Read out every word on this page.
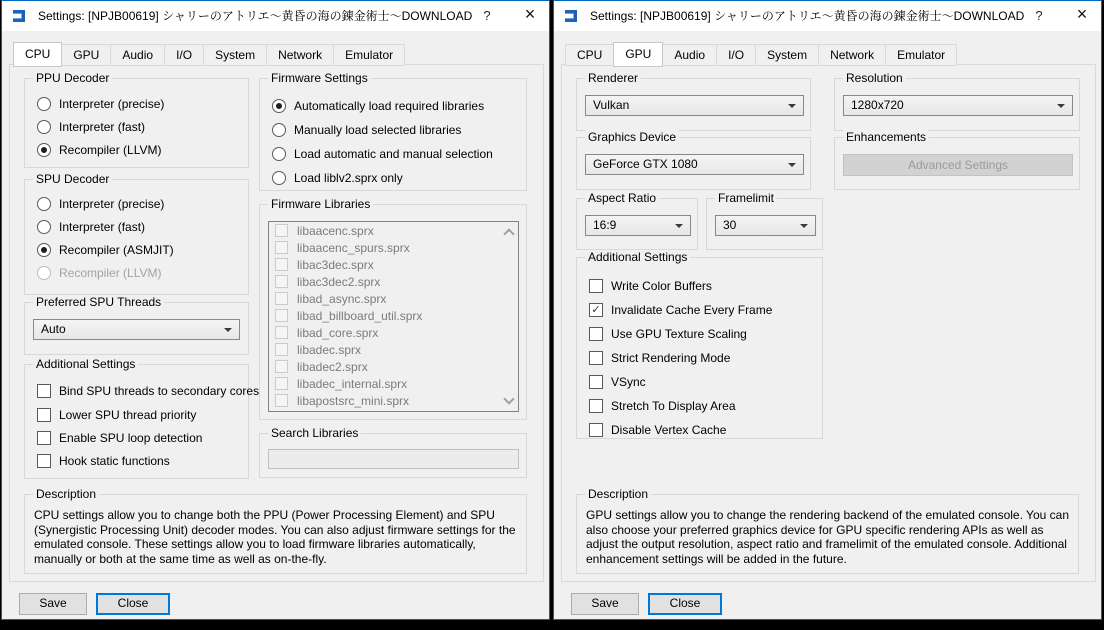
Settings: [NPJB00619] シャリーのアトリエ～黄昏の海の錬金術士～DOWNLOAD ?	×
CPU	GPU	Audio	I/O	System	Network	Emulator
PPU Decoder
Interpreter (precise)
Interpreter (fast)
Recompiler (LLVM)
SPU Decoder
Interpreter (precise)
Interpreter (fast)
Recompiler (ASMJIT)
Recompiler (LLVM)
Preferred SPU Threads
Auto
Additional Settings
Bind SPU threads to secondary cores
Lower SPU thread priority
Enable SPU loop detection
Hook static functions
Firmware Settings
Automatically load required libraries
Manually load selected libraries
Load automatic and manual selection
Load liblv2.sprx only
Firmware Libraries
libaacenc.sprx
libaacenc_spurs.sprx
libac3dec.sprx
libac3dec2.sprx
libad_async.sprx
libad_billboard_util.sprx
libad_core.sprx
libadec.sprx
libadec2.sprx
libadec_internal.sprx
libapostsrc_mini.sprx
Search Libraries
Description
CPU settings allow you to change both the PPU (Power Processing Element) and SPU (Synergistic Processing Unit) decoder modes. You can also adjust firmware settings for the emulated console. These settings allow you to load firmware libraries automatically, manually or both at the same time as well as on-the-fly.
Save	Close
Settings: [NPJB00619] シャリーのアトリエ～黄昏の海の錬金術士～DOWNLOAD ?	×
CPU	GPU	Audio	I/O	System	Network	Emulator
Renderer
Vulkan
Resolution
1280x720
Graphics Device
GeForce GTX 1080
Enhancements
Advanced Settings
Aspect Ratio
16:9
Framelimit
30
Additional Settings
Write Color Buffers
✓ Invalidate Cache Every Frame
Use GPU Texture Scaling
Strict Rendering Mode
VSync
Stretch To Display Area
Disable Vertex Cache
Description
GPU settings allow you to change the rendering backend of the emulated console. You can also choose your preferred graphics device for GPU specific rendering APIs as well as adjust the output resolution, aspect ratio and framelimit of the emulated console. Additional enhancement settings will be added in the future.
Save	Close
